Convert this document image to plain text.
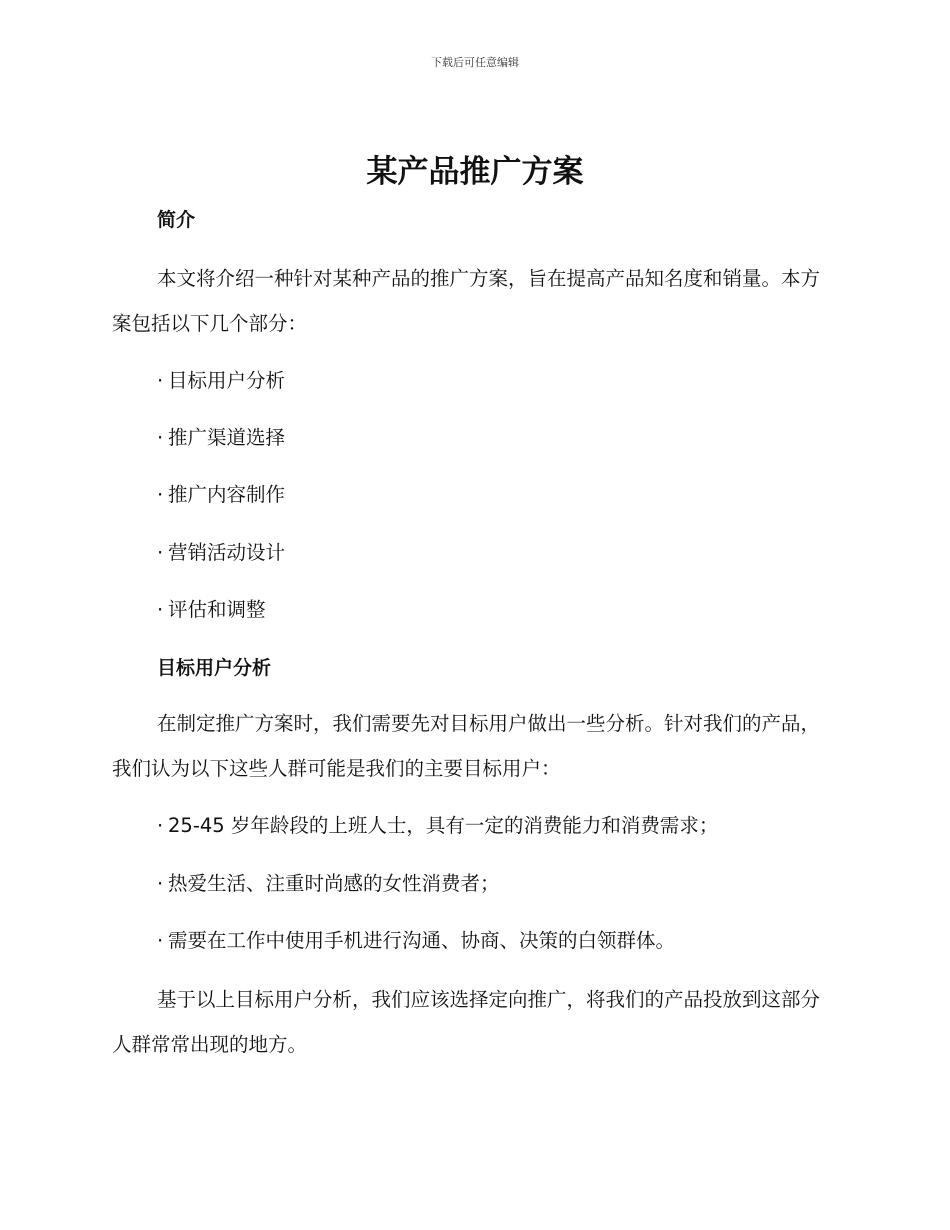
下载后可任意编辑
某产品推广方案
简介

本文将介绍一种针对某种产品的推广方案，旨在提高产品知名度和销量。本方案包括以下几个部分：

· 目标用户分析
· 推广渠道选择
· 推广内容制作
· 营销活动设计
· 评估和调整
目标用户分析

在制定推广方案时，我们需要先对目标用户做出一些分析。针对我们的产品，我们认为以下这些人群可能是我们的主要目标用户：

· 25-45 岁年龄段的上班人士，具有一定的消费能力和消费需求；
· 热爱生活、注重时尚感的女性消费者；
· 需要在工作中使用手机进行沟通、协商、决策的白领群体。

基于以上目标用户分析，我们应该选择定向推广，将我们的产品投放到这部分人群常常出现的地方。
